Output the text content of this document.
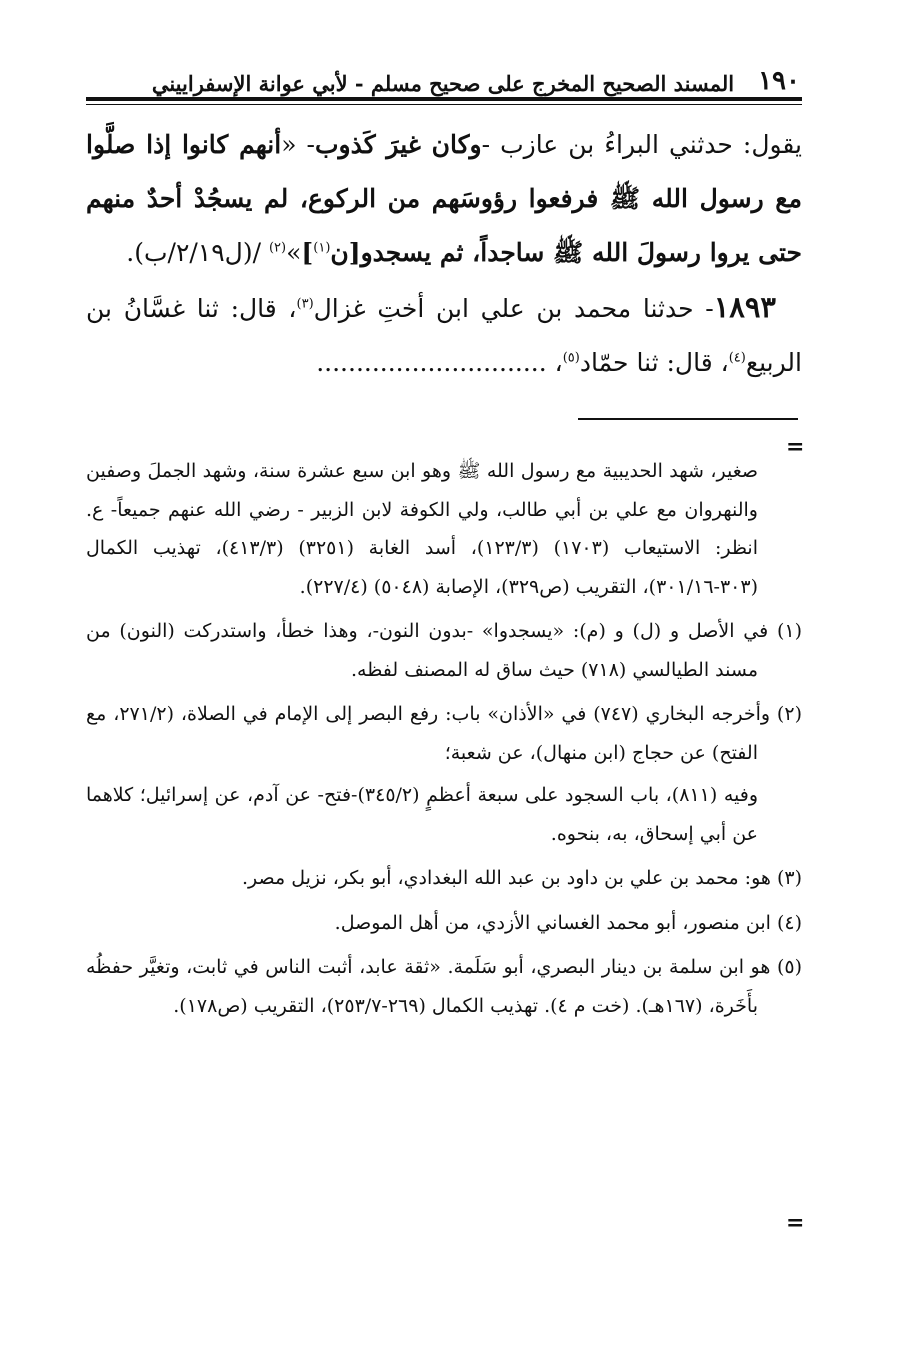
١٩٠
المسند الصحيح المخرج على صحيح مسلم - لأبي عوانة الإسفراييني

يقول: حدثني البراءُ بن عازب -وكان غيرَ كَذوب- «أنهم كانوا إذا صلَّوا مع رسول الله ﷺ فرفعوا رؤوسَهم من الركوع، لم يسجُدْ أحدٌ منهم حتى يروا رسولَ الله ﷺ ساجداً، ثم يسجدو[ن$^{(١)}$]»$^{(٢)}$ /(ل٢/١٩/ب).

١٨٩٣- حدثنا محمد بن علي ابن أختِ غزال$^{(٣)}$، قال: ثنا غسَّانُ بن الربيع$^{(٤)}$، قال: ثنا حمّاد$^{(٥)}$، .............................

=

صغير، شهد الحديبية مع رسول الله ﷺ وهو ابن سبع عشرة سنة، وشهد الجملَ وصفين والنهروان مع علي بن أبي طالب، ولي الكوفة لابن الزبير - رضي الله عنهم جميعاً- ع. انظر: الاستيعاب (١٧٠٣) (١٢٣/٣)، أسد الغابة (٣٢٥١) (٤١٣/٣)، تهذيب الكمال (٣٠٣-٣٠١/١٦)، التقريب (ص٣٢٩)، الإصابة (٥٠٤٨) (٢٢٧/٤).

(١) في الأصل و (ل) و (م): «يسجدوا» -بدون النون-، وهذا خطأ، واستدركت (النون) من مسند الطيالسي (٧١٨) حيث ساق له المصنف لفظه.

(٢) وأخرجه البخاري (٧٤٧) في «الأذان» باب: رفع البصر إلى الإمام في الصلاة، (٢٧١/٢، مع الفتح) عن حجاج (ابن منهال)، عن شعبة؛

وفيه (٨١١)، باب السجود على سبعة أعظمٍ (٣٤٥/٢)-فتح- عن آدم، عن إسرائيل؛ كلاهما عن أبي إسحاق، به، بنحوه.

(٣) هو: محمد بن علي بن داود بن عبد الله البغدادي، أبو بكر، نزيل مصر.

(٤) ابن منصور، أبو محمد الغساني الأزدي، من أهل الموصل.

(٥) هو ابن سلمة بن دينار البصري، أبو سَلَمة. «ثقة عابد، أثبت الناس في ثابت، وتغيَّر حفظُه بأَخَرة، (١٦٧هـ). (خت م ٤). تهذيب الكمال (٢٦٩-٢٥٣/٧)، التقريب (ص١٧٨).

=
